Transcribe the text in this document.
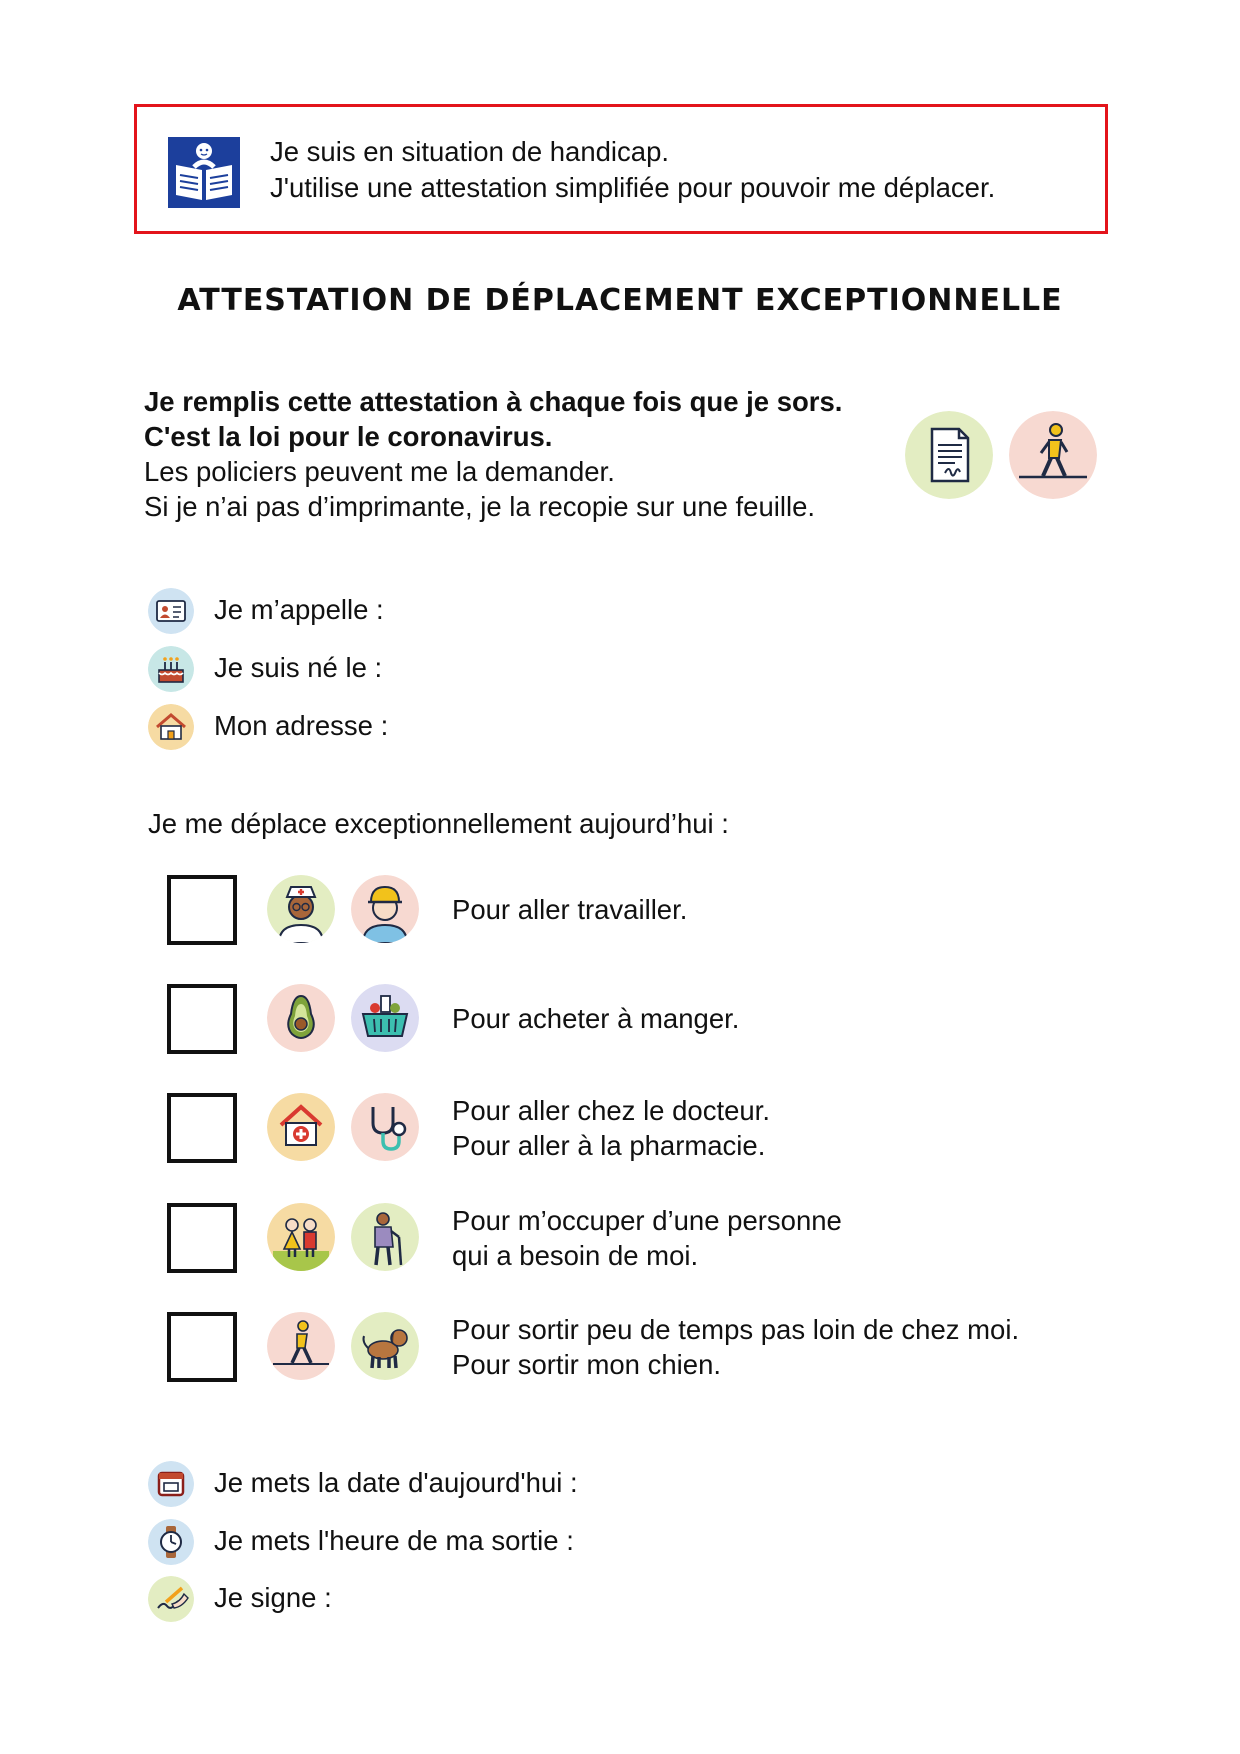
Je suis en situation de handicap.
J'utilise une attestation simplifiée pour pouvoir me déplacer.
ATTESTATION DE DÉPLACEMENT EXCEPTIONNELLE
Je remplis cette attestation à chaque fois que je sors.
C'est la loi pour le coronavirus.
Les policiers peuvent me la demander.
Si je n’ai pas d’imprimante, je la recopie sur une feuille.
Je m’appelle :
Je suis né le :
Mon adresse :
Je me déplace exceptionnellement aujourd’hui :
Pour aller travailler.
Pour acheter à manger.
Pour aller chez le docteur.
Pour aller à la pharmacie.
Pour m’occuper d’une personne
qui a besoin de moi.
Pour sortir peu de temps pas loin de chez moi.
Pour sortir mon chien.
Je mets la date d'aujourd'hui :
Je mets l'heure de ma sortie :
Je signe :
